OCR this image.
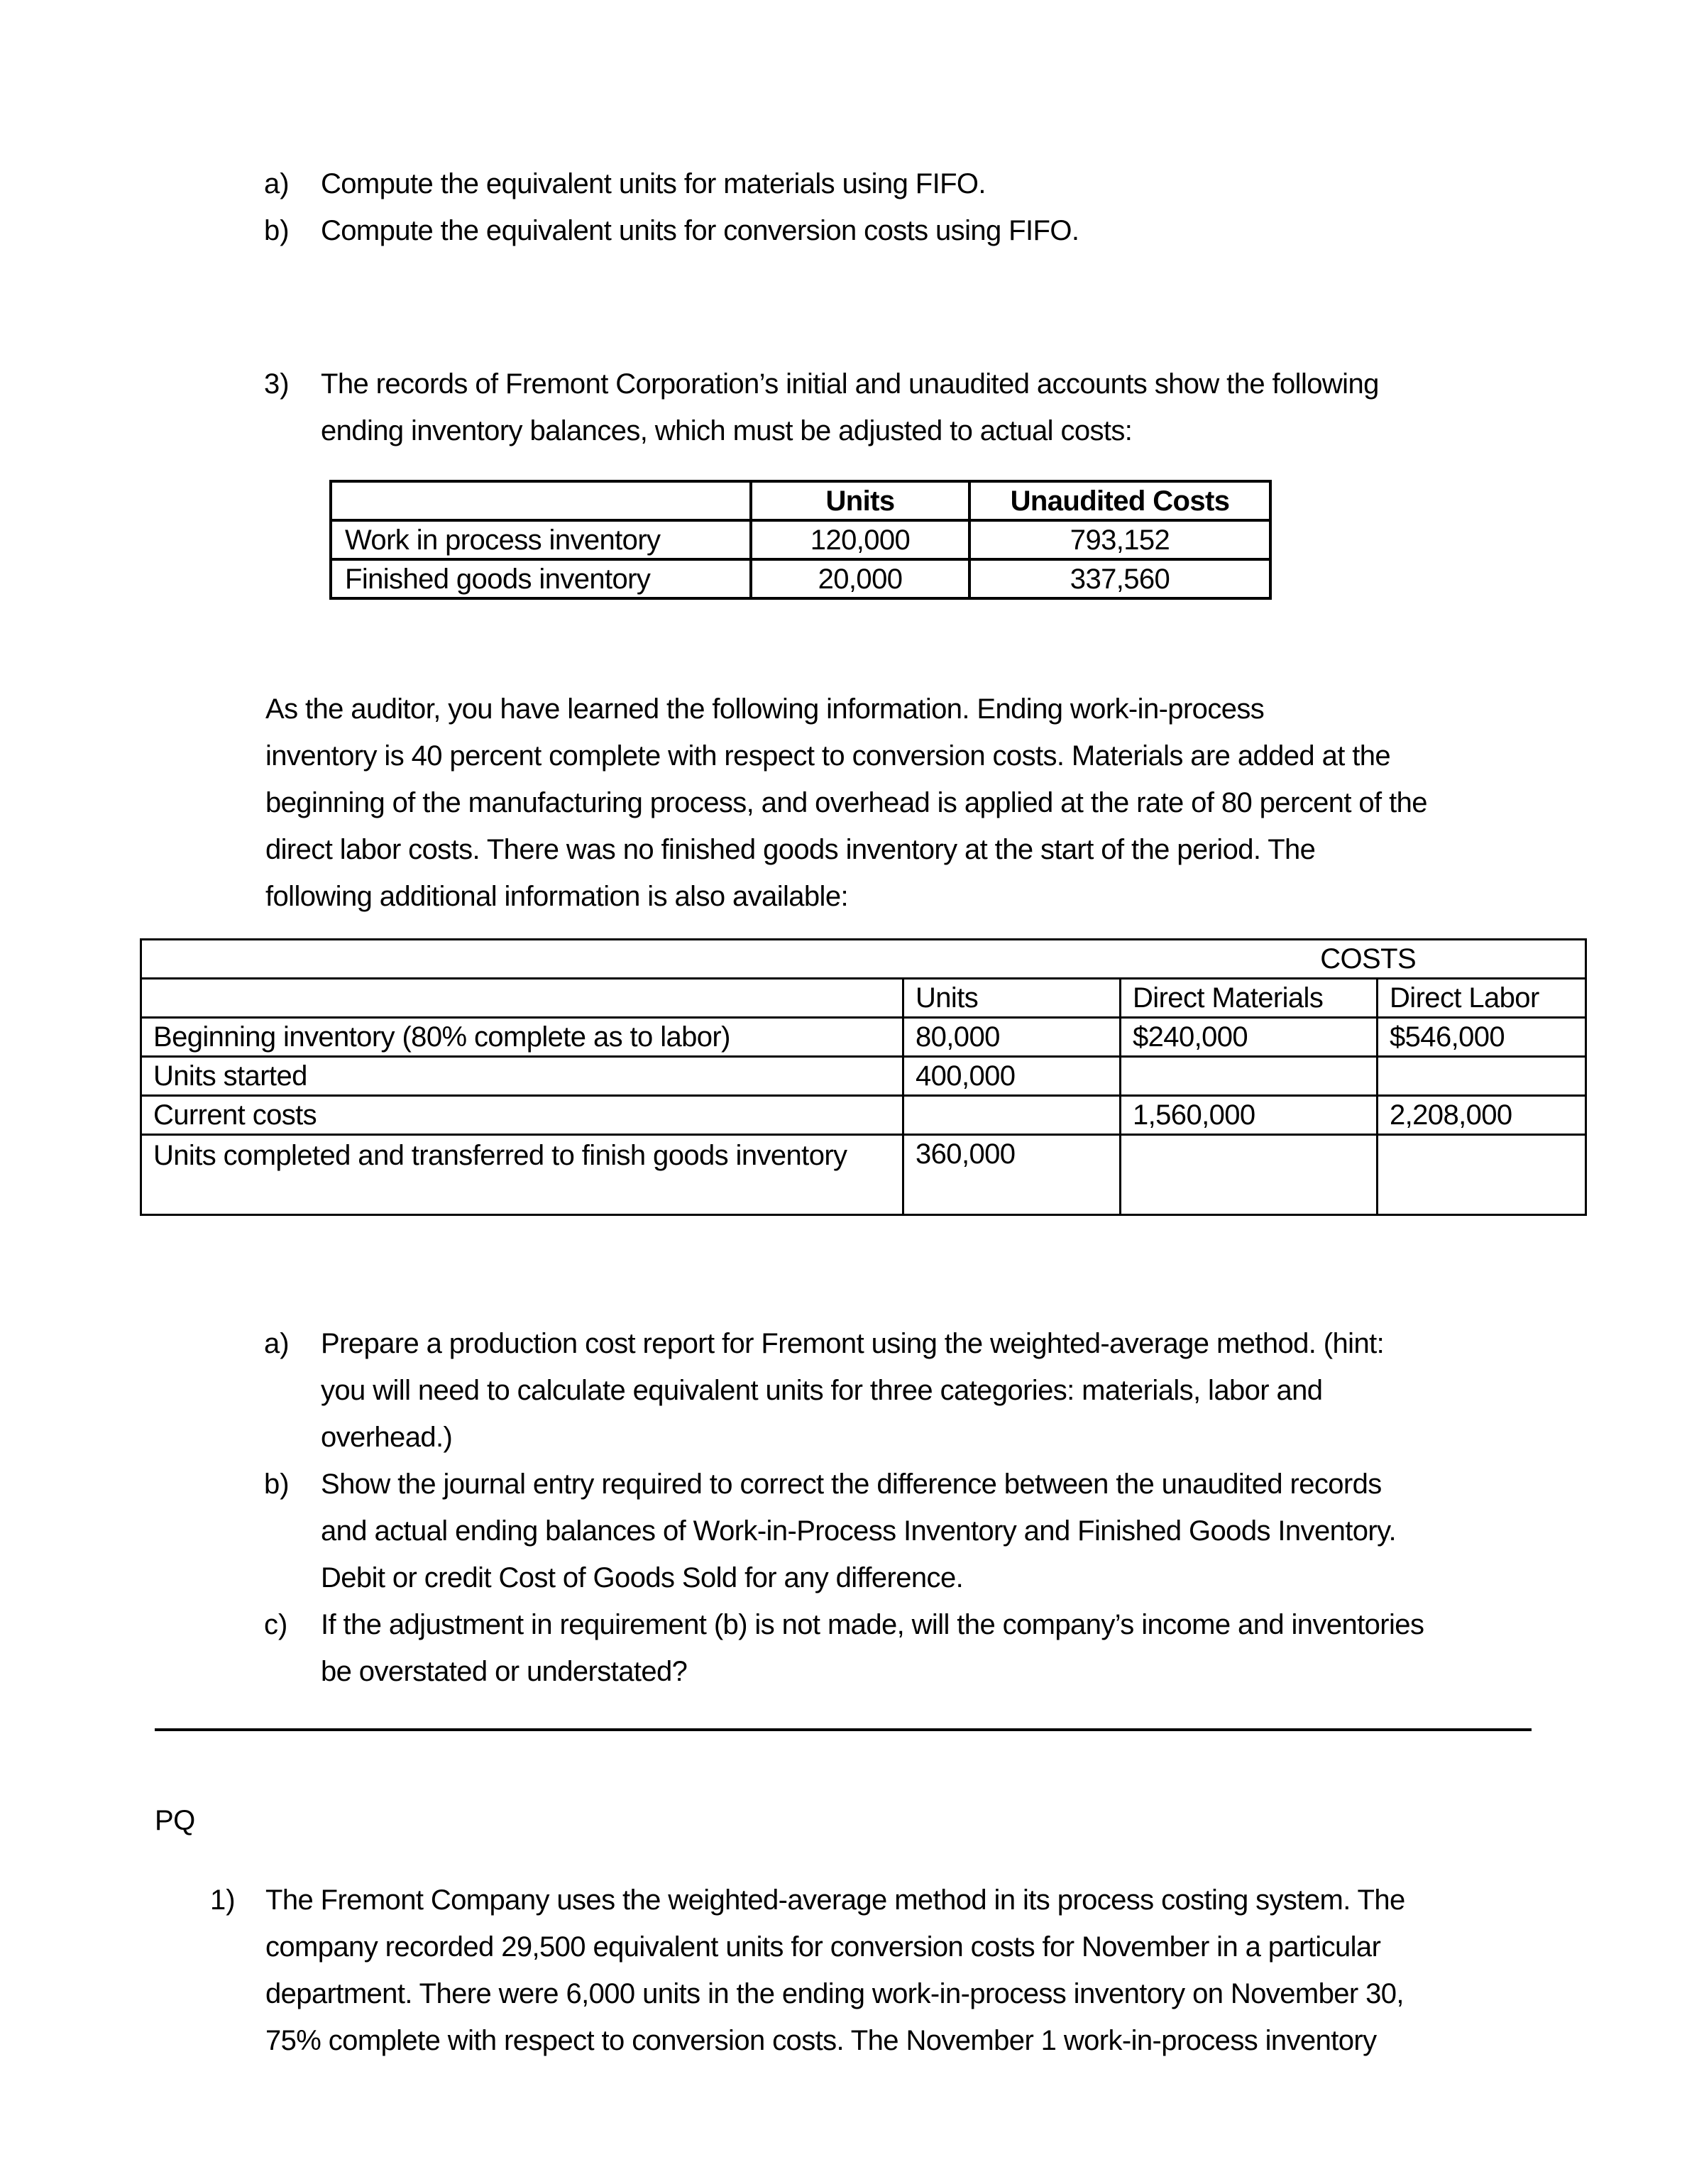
a) Compute the equivalent units for materials using FIFO.
b) Compute the equivalent units for conversion costs using FIFO.
3) The records of Fremont Corporation’s initial and unaudited accounts show the following
ending inventory balances, which must be adjusted to actual costs:
	Units	Unaudited Costs
Work in process inventory	120,000	793,152
Finished goods inventory	20,000	337,560
As the auditor, you have learned the following information. Ending work-in-process
inventory is 40 percent complete with respect to conversion costs. Materials are added at the
beginning of the manufacturing process, and overhead is applied at the rate of 80 percent of the
direct labor costs. There was no finished goods inventory at the start of the period. The
following additional information is also available:
COSTS			
	Units	Direct Materials	Direct Labor
Beginning inventory (80% complete as to labor)	80,000	$240,000	$546,000
Units started	400,000		
Current costs		1,560,000	2,208,000
Units completed and transferred to finish goods inventory	360,000		
a) Prepare a production cost report for Fremont using the weighted-average method. (hint:
you will need to calculate equivalent units for three categories: materials, labor and
overhead.)
b) Show the journal entry required to correct the difference between the unaudited records
and actual ending balances of Work-in-Process Inventory and Finished Goods Inventory.
Debit or credit Cost of Goods Sold for any difference.
c) If the adjustment in requirement (b) is not made, will the company’s income and inventories
be overstated or understated?
PQ
1) The Fremont Company uses the weighted-average method in its process costing system. The
company recorded 29,500 equivalent units for conversion costs for November in a particular
department. There were 6,000 units in the ending work-in-process inventory on November 30,
75% complete with respect to conversion costs. The November 1 work-in-process inventory
